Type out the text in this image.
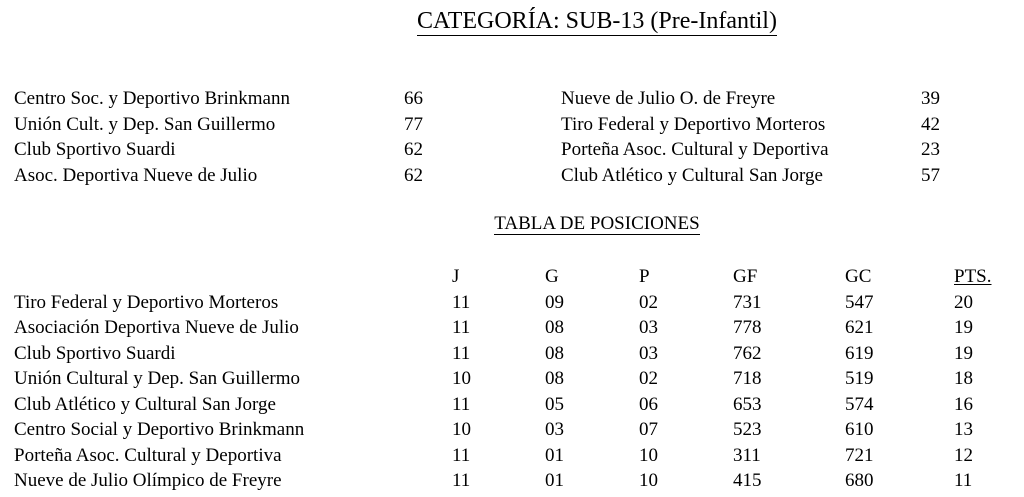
CATEGORÍA: SUB-13 (Pre-Infantil)
Centro Soc. y Deportivo Brinkmann	66
Unión Cult. y Dep. San Guillermo	77
Club Sportivo Suardi	62
Asoc. Deportiva Nueve de Julio	62
Nueve de Julio O. de Freyre	39
Tiro Federal y Deportivo Morteros	42
Porteña Asoc. Cultural y Deportiva	23
Club Atlético y Cultural San Jorge	57
TABLA DE POSICIONES
J	G	P	GF	GC	PTS.
Tiro Federal y Deportivo Morteros	11	09	02	731	547	20
Asociación Deportiva Nueve de Julio	11	08	03	778	621	19
Club Sportivo Suardi	11	08	03	762	619	19
Unión Cultural y Dep. San Guillermo	10	08	02	718	519	18
Club Atlético y Cultural San Jorge	11	05	06	653	574	16
Centro Social y Deportivo Brinkmann	10	03	07	523	610	13
Porteña Asoc. Cultural y Deportiva	11	01	10	311	721	12
Nueve de Julio Olímpico de Freyre	11	01	10	415	680	11
